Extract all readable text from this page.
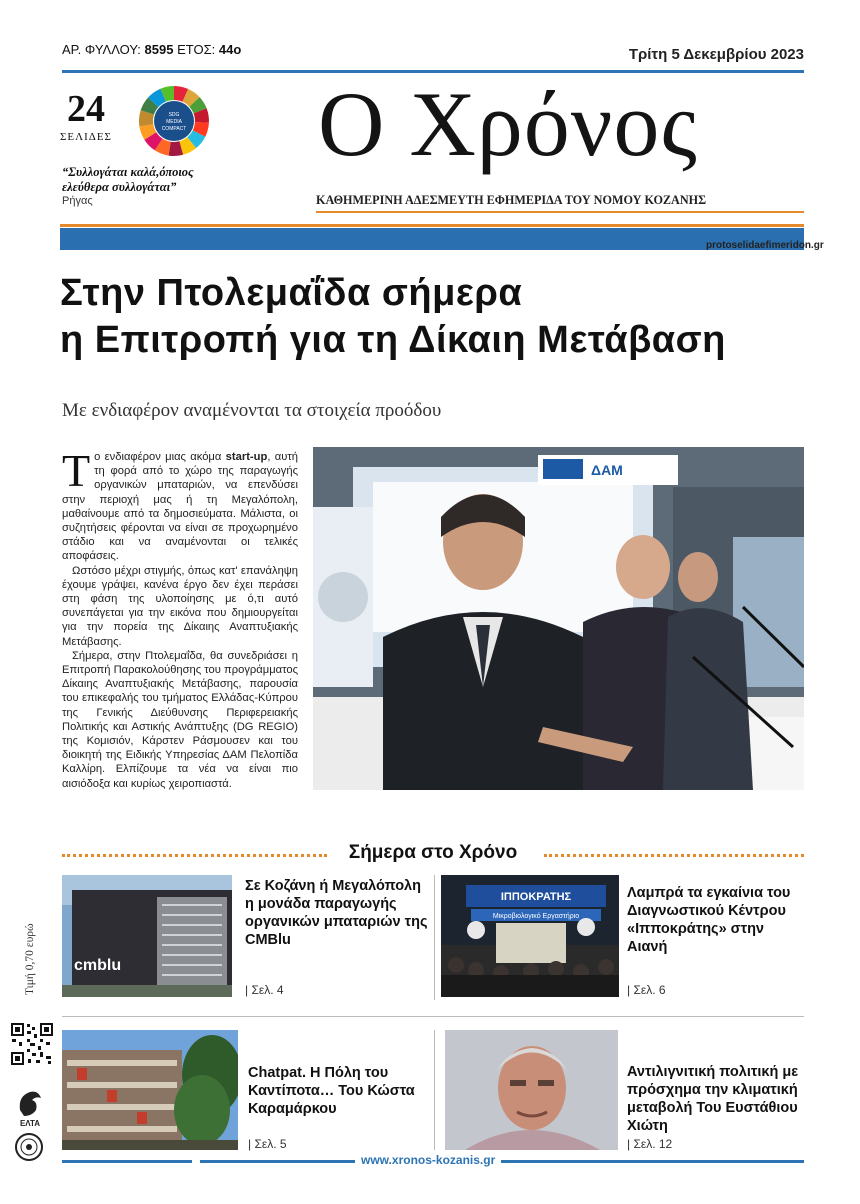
ΑΡ. ΦΥΛΛΟΥ: 8595 ΕΤΟΣ: 44ο	Τρίτη 5 Δεκεμβρίου 2023
24
ΣΕΛΙΔΕΣ
SDG
MEDIA
COMPACT
“Συλλογάται καλά,όποιος ελεύθερα συλλογάται”
Ρήγας
Ο Χρόνος
ΚΑΘΗΜΕΡΙΝΗ ΑΔΕΣΜΕΥΤΗ ΕΦΗΜΕΡΙΔΑ ΤΟΥ ΝΟΜΟΥ ΚΟΖΑΝΗΣ
protoselidaefimeridon.gr
Στην Πτολεμαΐδα σήμερα
η Επιτροπή για τη Δίκαιη Μετάβαση
Με ενδιαφέρον αναμένονται τα στοιχεία προόδου

Το ενδιαφέρον μιας ακόμα start-up, αυτή τη φορά από το χώρο της παραγωγής οργανικών μπαταριών, να επενδύσει στην περιοχή μας ή τη Μεγαλόπολη, μαθαίνουμε από τα δημοσιεύματα. Μάλιστα, οι συζητήσεις φέρονται να είναι σε προχωρημένο στάδιο και να αναμένονται οι τελικές αποφάσεις.

Ωστόσο μέχρι στιγμής, όπως κατ' επανάληψη έχουμε γράψει, κανένα έργο δεν έχει περάσει στη φάση της υλοποίησης με ό,τι αυτό συνεπάγεται για την εικόνα που δημιουργείται για την πορεία της Δίκαιης Αναπτυξιακής Μετάβασης.

Σήμερα, στην Πτολεμαΐδα, θα συνεδριάσει η Επιτροπή Παρακολούθησης του προγράμματος Δίκαιης Αναπτυξιακής Μετάβασης, παρουσία του επικεφαλής του τμήματος Ελλάδας-Κύπρου της Γενικής Διεύθυνσης Περιφερειακής Πολιτικής και Αστικής Ανάπτυξης (DG REGIO) της Κομισιόν, Κάρστεν Ράσμουσεν και του διοικητή της Ειδικής Υπηρεσίας ΔΑΜ Πελοπίδα Καλλίρη. Ελπίζουμε τα νέα να είναι πιο αισιόδοξα και κυρίως χειροπιαστά.

ΔΑΜ
Σήμερα στο Χρόνο
cmblu
Σε Κοζάνη ή Μεγαλόπολη η μονάδα παραγωγής οργανικών μπαταριών της CMBlu
| Σελ. 4
ΙΠΠΟΚΡΑΤΗΣ
Μικροβιολογικό Εργαστήριο
Λαμπρά τα εγκαίνια του Διαγνωστικού Κέντρου «Ιπποκράτης» στην Αιανή
| Σελ. 6
Chatpat. Η Πόλη του Καντίποτα… Του Κώστα Καραμάρκου
| Σελ. 5
Αντιλιγνιτική πολιτική με πρόσχημα την κλιματική μεταβολή Του Ευστάθιου Χιώτη
| Σελ. 12
Τιμή 0,70 ευρώ
ΕΛΤΑ
www.xronos-kozanis.gr
